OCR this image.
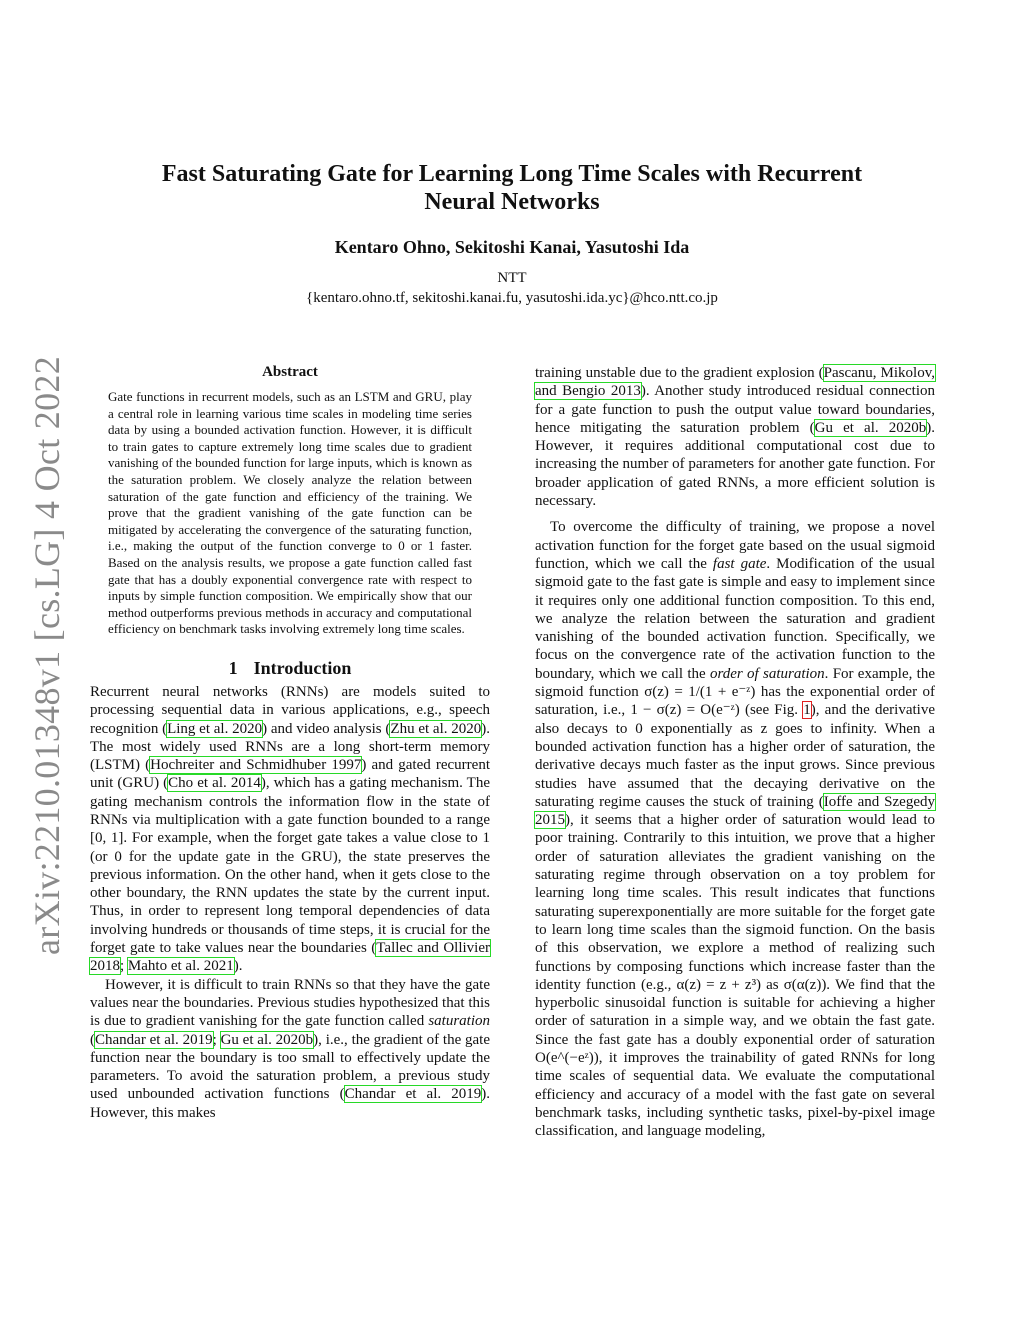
arXiv:2210.01348v1 [cs.LG] 4 Oct 2022
Fast Saturating Gate for Learning Long Time Scales with Recurrent Neural Networks
Kentaro Ohno, Sekitoshi Kanai, Yasutoshi Ida
NTT
{kentaro.ohno.tf, sekitoshi.kanai.fu, yasutoshi.ida.yc}@hco.ntt.co.jp
Abstract

Gate functions in recurrent models, such as an LSTM and GRU, play a central role in learning various time scales in modeling time series data by using a bounded activation function. However, it is difficult to train gates to capture extremely long time scales due to gradient vanishing of the bounded function for large inputs, which is known as the saturation problem. We closely analyze the relation between saturation of the gate function and efficiency of the training. We prove that the gradient vanishing of the gate function can be mitigated by accelerating the convergence of the saturating function, i.e., making the output of the function converge to 0 or 1 faster. Based on the analysis results, we propose a gate function called fast gate that has a doubly exponential convergence rate with respect to inputs by simple function composition. We empirically show that our method outperforms previous methods in accuracy and computational efficiency on benchmark tasks involving extremely long time scales.

1 Introduction

Recurrent neural networks (RNNs) are models suited to processing sequential data in various applications, e.g., speech recognition (Ling et al. 2020) and video analysis (Zhu et al. 2020). The most widely used RNNs are a long short-term memory (LSTM) (Hochreiter and Schmidhuber 1997) and gated recurrent unit (GRU) (Cho et al. 2014), which has a gating mechanism. The gating mechanism controls the information flow in the state of RNNs via multiplication with a gate function bounded to a range [0, 1]. For example, when the forget gate takes a value close to 1 (or 0 for the update gate in the GRU), the state preserves the previous information. On the other hand, when it gets close to the other boundary, the RNN updates the state by the current input. Thus, in order to represent long temporal dependencies of data involving hundreds or thousands of time steps, it is crucial for the forget gate to take values near the boundaries (Tallec and Ollivier 2018; Mahto et al. 2021).

However, it is difficult to train RNNs so that they have the gate values near the boundaries. Previous studies hypothesized that this is due to gradient vanishing for the gate function called saturation (Chandar et al. 2019; Gu et al. 2020b), i.e., the gradient of the gate function near the boundary is too small to effectively update the parameters. To avoid the saturation problem, a previous study used unbounded activation functions (Chandar et al. 2019). However, this makes

training unstable due to the gradient explosion (Pascanu, Mikolov, and Bengio 2013). Another study introduced residual connection for a gate function to push the output value toward boundaries, hence mitigating the saturation problem (Gu et al. 2020b). However, it requires additional computational cost due to increasing the number of parameters for another gate function. For broader application of gated RNNs, a more efficient solution is necessary.

To overcome the difficulty of training, we propose a novel activation function for the forget gate based on the usual sigmoid function, which we call the fast gate. Modification of the usual sigmoid gate to the fast gate is simple and easy to implement since it requires only one additional function composition. To this end, we analyze the relation between the saturation and gradient vanishing of the bounded activation function. Specifically, we focus on the convergence rate of the activation function to the boundary, which we call the order of saturation. For example, the sigmoid function σ(z) = 1/(1 + e⁻ᶻ) has the exponential order of saturation, i.e., 1 − σ(z) = O(e⁻ᶻ) (see Fig. 1), and the derivative also decays to 0 exponentially as z goes to infinity. When a bounded activation function has a higher order of saturation, the derivative decays much faster as the input grows. Since previous studies have assumed that the decaying derivative on the saturating regime causes the stuck of training (Ioffe and Szegedy 2015), it seems that a higher order of saturation would lead to poor training. Contrarily to this intuition, we prove that a higher order of saturation alleviates the gradient vanishing on the saturating regime through observation on a toy problem for learning long time scales. This result indicates that functions saturating superexponentially are more suitable for the forget gate to learn long time scales than the sigmoid function. On the basis of this observation, we explore a method of realizing such functions by composing functions which increase faster than the identity function (e.g., α(z) = z + z³) as σ(α(z)). We find that the hyperbolic sinusoidal function is suitable for achieving a higher order of saturation in a simple way, and we obtain the fast gate. Since the fast gate has a doubly exponential order of saturation O(e^(−eᶻ)), it improves the trainability of gated RNNs for long time scales of sequential data. We evaluate the computational efficiency and accuracy of a model with the fast gate on several benchmark tasks, including synthetic tasks, pixel-by-pixel image classification, and language modeling,
